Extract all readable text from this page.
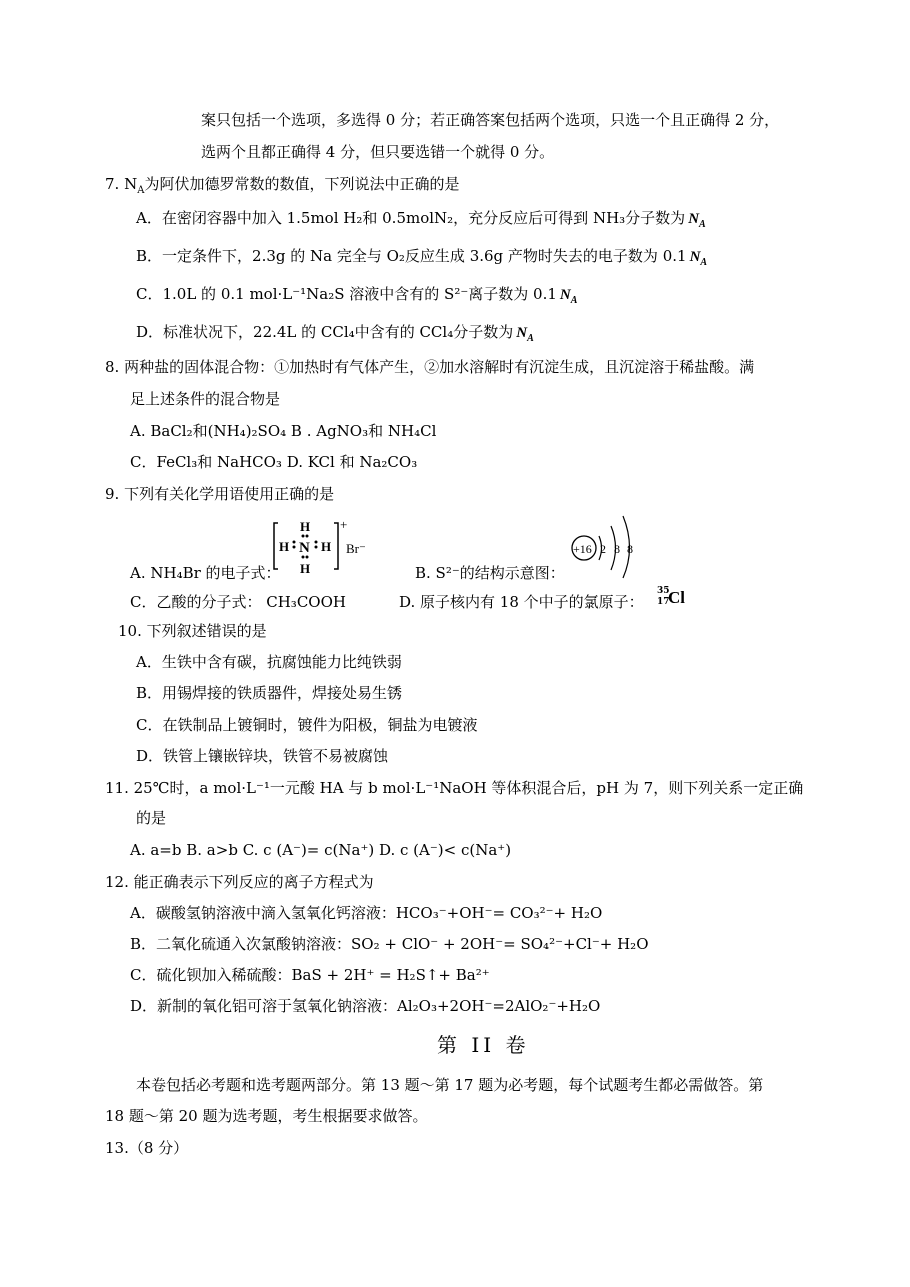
案只包括一个选项，多选得 0 分；若正确答案包括两个选项，只选一个且正确得 2 分，
选两个且都正确得 4 分，但只要选错一个就得 0 分。
7. $N_A$为阿伏加德罗常数的数值，下列说法中正确的是
A．在密闭容器中加入 1.5mol H₂和 0.5molN₂，充分反应后可得到 NH₃分子数为 $N_A$
B．一定条件下，2.3g 的 Na 完全与 O₂反应生成 3.6g 产物时失去的电子数为 0.1 $N_A$
C．1.0L 的 0.1 mol·L⁻¹Na₂S 溶液中含有的 S²⁻离子数为 0.1 $N_A$
D．标准状况下，22.4L 的 CCl₄中含有的 CCl₄分子数为 $N_A$
8. 两种盐的固体混合物：①加热时有气体产生，②加水溶解时有沉淀生成，且沉淀溶于稀盐酸。满
足上述条件的混合物是
A. BaCl₂和(NH₄)₂SO₄ B . AgNO₃和 NH₄Cl
C．FeCl₃和 NaHCO₃ D. KCl 和 Na₂CO₃
9. 下列有关化学用语使用正确的是
H
H N H
H
+
Br⁻	+16 2 8 8
A. NH₄Br 的电子式：	B. S²⁻的结构示意图：
C．乙酸的分子式： CH₃COOH	D. 原子核内有 18 个中子的氯原子：
35
17
Cl
10. 下列叙述错误的是
A．生铁中含有碳，抗腐蚀能力比纯铁弱
B．用锡焊接的铁质器件，焊接处易生锈
C．在铁制品上镀铜时，镀件为阳极，铜盐为电镀液
D．铁管上镶嵌锌块，铁管不易被腐蚀
11. 25℃时，a mol·L⁻¹一元酸 HA 与 b mol·L⁻¹NaOH 等体积混合后，pH 为 7，则下列关系一定正确
的是
A. a=b B. a>b C. c (A⁻)= c(Na⁺) D. c (A⁻)< c(Na⁺)
12. 能正确表示下列反应的离子方程式为
A．碳酸氢钠溶液中滴入氢氧化钙溶液：HCO₃⁻+OH⁻= CO₃²⁻+ H₂O
B．二氧化硫通入次氯酸钠溶液：SO₂ + ClO⁻ + 2OH⁻= SO₄²⁻+Cl⁻+ H₂O
C．硫化钡加入稀硫酸：BaS + 2H⁺ = H₂S↑+ Ba²⁺
D．新制的氧化铝可溶于氢氧化钠溶液：Al₂O₃+2OH⁻=2AlO₂⁻+H₂O
第 II 卷
本卷包括必考题和选考题两部分。第 13 题～第 17 题为必考题，每个试题考生都必需做答。第
18 题～第 20 题为选考题，考生根据要求做答。
13.（8 分）
